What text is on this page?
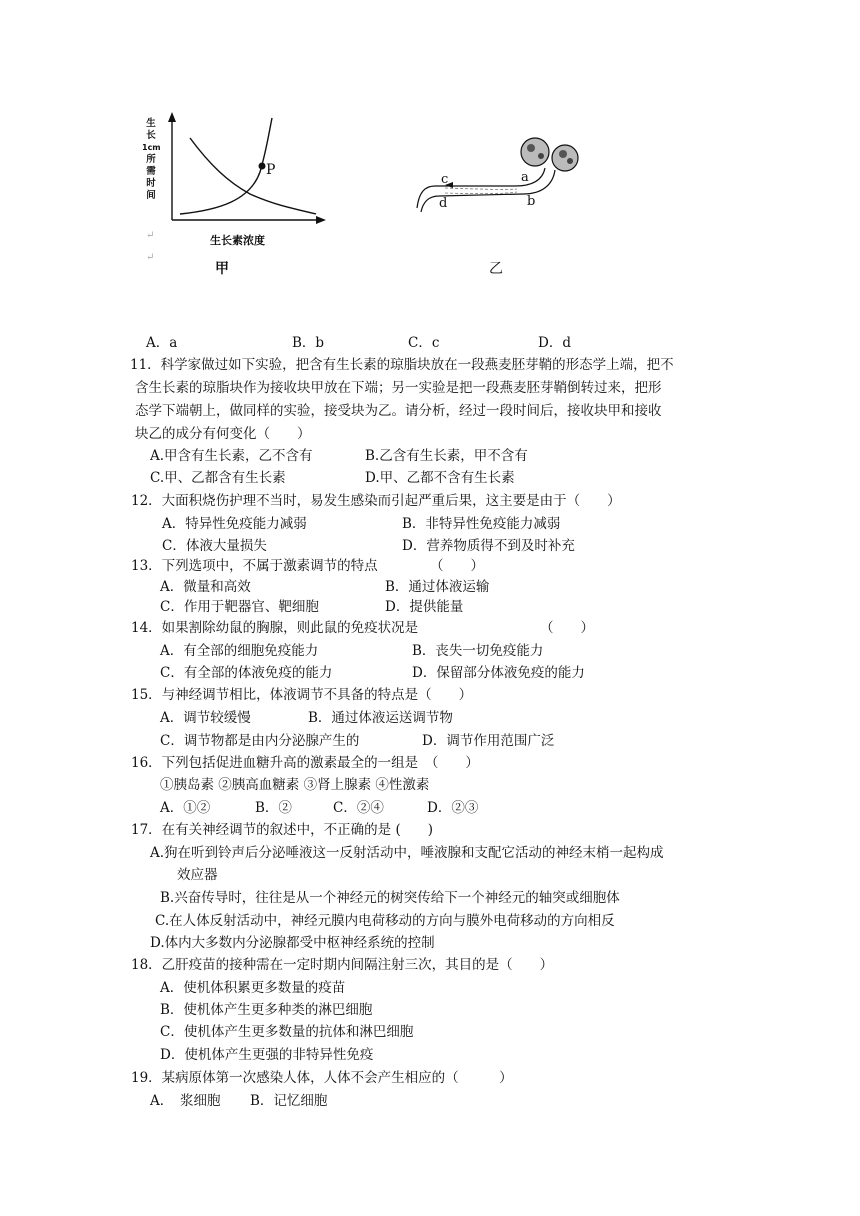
P
生
长
1cm
所
需
时
间
生长素浓度
↵
↵
甲
a
b
c
d
乙
A．a	B．b	C．c	D．d
11．科学家做过如下实验，把含有生长素的琼脂块放在一段燕麦胚芽鞘的形态学上端，把不
含生长素的琼脂块作为接收块甲放在下端；另一实验是把一段燕麦胚芽鞘倒转过来，把形
态学下端朝上，做同样的实验，接受块为乙。请分析，经过一段时间后，接收块甲和接收
块乙的成分有何变化（　　）
A.甲含有生长素，乙不含有	B.乙含有生长素，甲不含有
C.甲、乙都含有生长素	D.甲、乙都不含有生长素
12．大面积烧伤护理不当时，易发生感染而引起严重后果，这主要是由于（　　）
A．特异性免疫能力减弱	B．非特异性免疫能力减弱
C．体液大量损失	D．营养物质得不到及时补充
13．下列选项中，不属于激素调节的特点	（　　）
A．微量和高效	B．通过体液运输
C．作用于靶器官、靶细胞	D．提供能量
14．如果割除幼鼠的胸腺，则此鼠的免疫状况是	（　　）
A．有全部的细胞免疫能力	B．丧失一切免疫能力
C．有全部的体液免疫的能力	D．保留部分体液免疫的能力
15．与神经调节相比，体液调节不具备的特点是（　　）
A．调节较缓慢	B．通过体液运送调节物
C．调节物都是由内分泌腺产生的	D．调节作用范围广泛
16．下列包括促进血糖升高的激素最全的一组是　（　　）
①胰岛素 ②胰高血糖素 ③肾上腺素 ④性激素
A．①②	B．②	C．②④	D．②③
17．在有关神经调节的叙述中，不正确的是 (　　)
A.狗在听到铃声后分泌唾液这一反射活动中，唾液腺和支配它活动的神经末梢一起构成
效应器
B.兴奋传导时，往往是从一个神经元的树突传给下一个神经元的轴突或细胞体
C.在人体反射活动中，神经元膜内电荷移动的方向与膜外电荷移动的方向相反
D.体内大多数内分泌腺都受中枢神经系统的控制
18．乙肝疫苗的接种需在一定时期内间隔注射三次，其目的是（　　）
A．使机体积累更多数量的疫苗
B．使机体产生更多种类的淋巴细胞
C．使机体产生更多数量的抗体和淋巴细胞
D．使机体产生更强的非特异性免疫
19．某病原体第一次感染人体，人体不会产生相应的（　　　）
A．　浆细胞 B．记忆细胞
